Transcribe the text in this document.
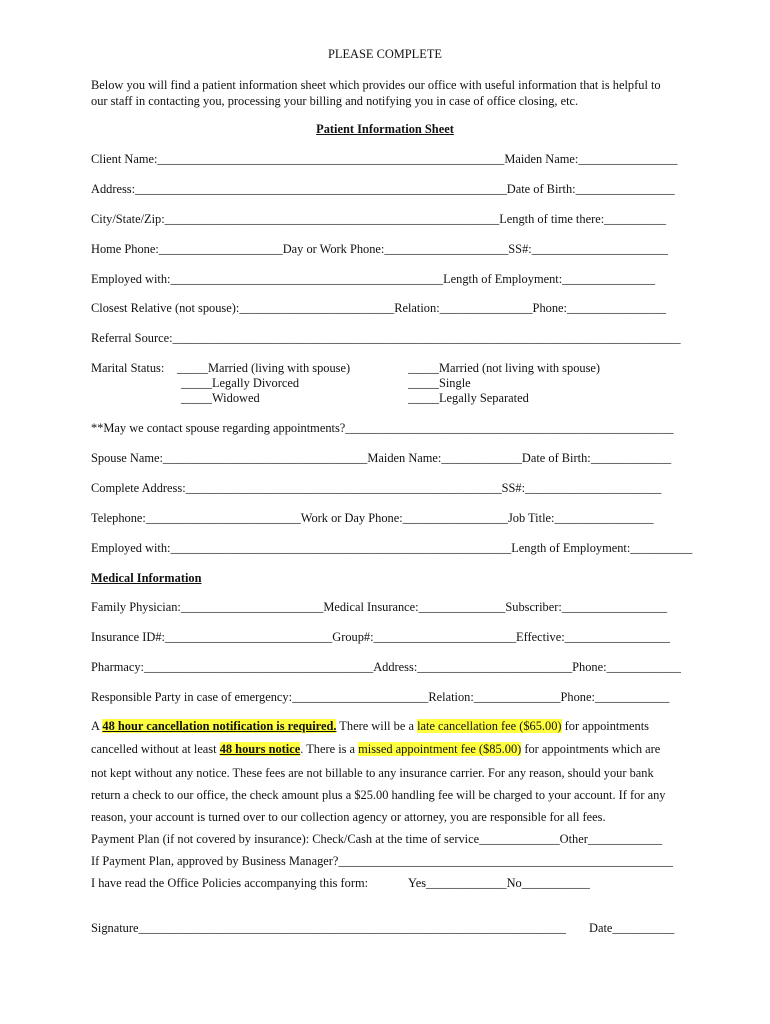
PLEASE COMPLETE
Below you will find a patient information sheet which provides our office with useful information that is helpful to
our staff in contacting you, processing your billing and notifying you in case of office closing, etc.
Patient Information Sheet
Client Name:________________________________________________________Maiden Name:________________
Address:____________________________________________________________Date of Birth:________________
City/State/Zip:______________________________________________________Length of time there:__________
Home Phone:____________________Day or Work Phone:____________________SS#:______________________
Employed with:____________________________________________Length of Employment:_______________
Closest Relative (not spouse):_________________________Relation:_______________Phone:________________
Referral Source:__________________________________________________________________________________
Marital Status: _____Married (living with spouse)
_____Legally Divorced
_____Widowed
_____Married (not living with spouse)
_____Single
_____Legally Separated
**May we contact spouse regarding appointments?_____________________________________________________
Spouse Name:_________________________________Maiden Name:_____________Date of Birth:_____________
Complete Address:___________________________________________________SS#:______________________
Telephone:_________________________Work or Day Phone:_________________Job Title:________________
Employed with:_______________________________________________________Length of Employment:__________
Medical Information
Family Physician:_______________________Medical Insurance:______________Subscriber:_________________
Insurance ID#:___________________________Group#:_______________________Effective:_________________
Pharmacy:_____________________________________Address:_________________________Phone:____________
Responsible Party in case of emergency:______________________Relation:______________Phone:____________
A 48 hour cancellation notification is required. There will be a late cancellation fee ($65.00) for appointments
cancelled without at least 48 hours notice. There is a missed appointment fee ($85.00) for appointments which are
not kept without any notice. These fees are not billable to any insurance carrier. For any reason, should your bank
return a check to our office, the check amount plus a $25.00 handling fee will be charged to your account. If for any
reason, your account is turned over to our collection agency or attorney, you are responsible for all fees.
Payment Plan (if not covered by insurance): Check/Cash at the time of service_____________Other____________
If Payment Plan, approved by Business Manager?______________________________________________________
I have read the Office Policies accompanying this form:	Yes_____________No___________
Signature_____________________________________________________________________ Date__________
